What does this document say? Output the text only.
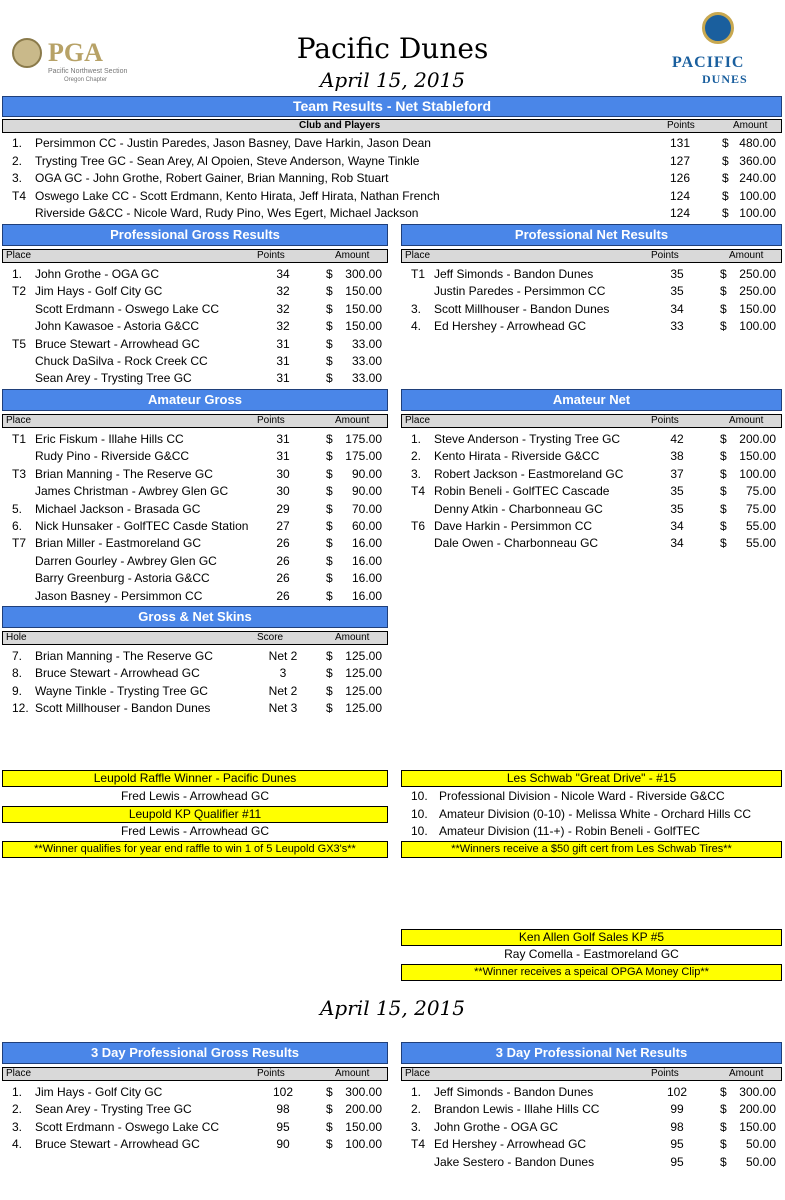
PGA
Pacific Northwest Section
Oregon Chapter
Pacific Dunes
April 15, 2015
PACIFIC
DUNES
Team Results - Net Stableford
Club and Players	Points	Amount
1. Persimmon CC - Justin Paredes, Jason Basney, Dave Harkin, Jason Dean	131	$ 480.00
2. Trysting Tree GC - Sean Arey, Al Opoien, Steve Anderson, Wayne Tinkle	127	$ 360.00
3. OGA GC - John Grothe, Robert Gainer, Brian Manning, Rob Stuart	126	$ 240.00
T4 Oswego Lake CC - Scott Erdmann, Kento Hirata, Jeff Hirata, Nathan French	124	$ 100.00
Riverside G&CC - Nicole Ward, Rudy Pino, Wes Egert, Michael Jackson	124	$ 100.00
Professional Gross Results
Place	Points	Amount
1. John Grothe - OGA GC	34	$ 300.00
T2 Jim Hays - Golf City GC	32	$ 150.00
Scott Erdmann - Oswego Lake CC	32	$ 150.00
John Kawasoe - Astoria G&CC	32	$ 150.00
T5 Bruce Stewart - Arrowhead GC	31	$ 33.00
Chuck DaSilva - Rock Creek CC	31	$ 33.00
Sean Arey - Trysting Tree GC	31	$ 33.00
Professional Net Results
Place	Points	Amount
T1 Jeff Simonds - Bandon Dunes	35	$ 250.00
Justin Paredes - Persimmon CC	35	$ 250.00
3. Scott Millhouser - Bandon Dunes	34	$ 150.00
4. Ed Hershey - Arrowhead GC	33	$ 100.00
Amateur Gross
Place	Points	Amount
T1 Eric Fiskum - Illahe Hills CC	31	$ 175.00
Rudy Pino - Riverside G&CC	31	$ 175.00
T3 Brian Manning - The Reserve GC	30	$ 90.00
James Christman - Awbrey Glen GC	30	$ 90.00
5. Michael Jackson - Brasada GC	29	$ 70.00
6. Nick Hunsaker - GolfTEC Casde Station	27	$ 60.00
T7 Brian Miller - Eastmoreland GC	26	$ 16.00
Darren Gourley - Awbrey Glen GC	26	$ 16.00
Barry Greenburg - Astoria G&CC	26	$ 16.00
Jason Basney - Persimmon CC	26	$ 16.00
Amateur Net
Place	Points	Amount
1. Steve Anderson - Trysting Tree GC	42	$ 200.00
2. Kento Hirata - Riverside G&CC	38	$ 150.00
3. Robert Jackson - Eastmoreland GC	37	$ 100.00
T4 Robin Beneli - GolfTEC Cascade	35	$ 75.00
Denny Atkin - Charbonneau GC	35	$ 75.00
T6 Dave Harkin - Persimmon CC	34	$ 55.00
Dale Owen - Charbonneau GC	34	$ 55.00
Gross & Net Skins
Hole	Score	Amount
7. Brian Manning - The Reserve GC	Net 2 $ 125.00
8. Bruce Stewart - Arrowhead GC	3	$ 125.00
9. Wayne Tinkle - Trysting Tree GC	Net 2 $ 125.00
12. Scott Millhouser - Bandon Dunes	Net 3 $ 125.00
3 Day Professional Gross Results
Place	Points	Amount
1. Jim Hays - Golf City GC	102	$ 300.00
2. Sean Arey - Trysting Tree GC	98	$ 200.00
3. Scott Erdmann - Oswego Lake CC	95	$ 150.00
4. Bruce Stewart - Arrowhead GC	90	$ 100.00
3 Day Professional Net Results
Place	Points	Amount
1. Jeff Simonds - Bandon Dunes	102	$ 300.00
2. Brandon Lewis - Illahe Hills CC	99	$ 200.00
3. John Grothe - OGA GC	98	$ 150.00
T4 Ed Hershey - Arrowhead GC	95	$ 50.00
Jake Sestero - Bandon Dunes	95	$ 50.00
Leupold Raffle Winner - Pacific Dunes
Fred Lewis - Arrowhead GC
Leupold KP Qualifier #11
Fred Lewis - Arrowhead GC
**Winner qualifies for year end raffle to win 1 of 5 Leupold GX3's**
Les Schwab "Great Drive" - #15
10. Professional Division - Nicole Ward - Riverside G&CC
10. Amateur Division (0-10) - Melissa White - Orchard Hills CC
10. Amateur Division (11-+) - Robin Beneli - GolfTEC
**Winners receive a $50 gift cert from Les Schwab Tires**
Ken Allen Golf Sales KP #5
Ray Comella - Eastmoreland GC
**Winner receives a speical OPGA Money Clip**
April 15, 2015
